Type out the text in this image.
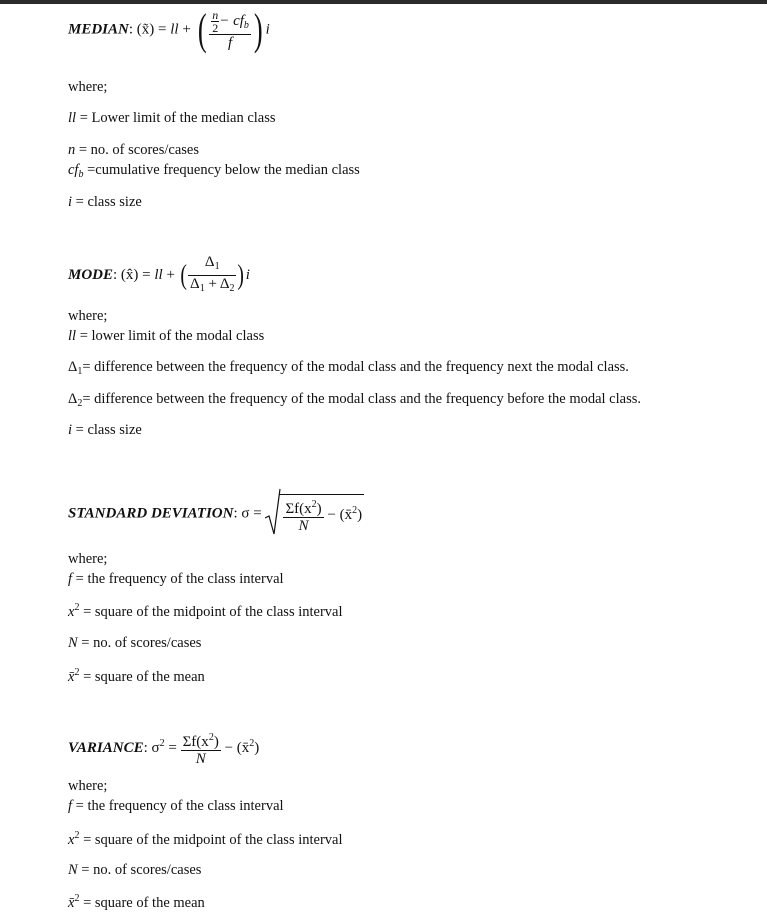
MEDIAN: (x̃) = ll + ( $\frac{\frac{n}{2} - cf_b}{f}$ ) i
where;
ll = Lower limit of the median class
n = no. of scores/cases
$cf_b$ =cumulative frequency below the median class
i = class size
MODE: (x̂) = ll + ( $\frac{\Delta_1}{\Delta_1 + \Delta_2} )i$
where;
ll = lower limit of the modal class
$\Delta_1=$ difference between the frequency of the modal class and the frequency next the modal class.
$\Delta_2=$ difference between the frequency of the modal class and the frequency before the modal class.
i = class size
STANDARD DEVIATION: $\sigma = \frac{\Sigma f(x^2)}{N}$ − (x̄$^2$)
where;
f = the frequency of the class interval
$x^2$ = square of the midpoint of the class interval
N = no. of scores/cases
x̄$^2$ = square of the mean
VARIANCE: $\sigma^2 = \frac{\Sigma f(x^2)}{N}$ − (x̄$^2$)
where;
f = the frequency of the class interval
$x^2$ = square of the midpoint of the class interval
N = no. of scores/cases
x̄$^2$ = square of the mean
